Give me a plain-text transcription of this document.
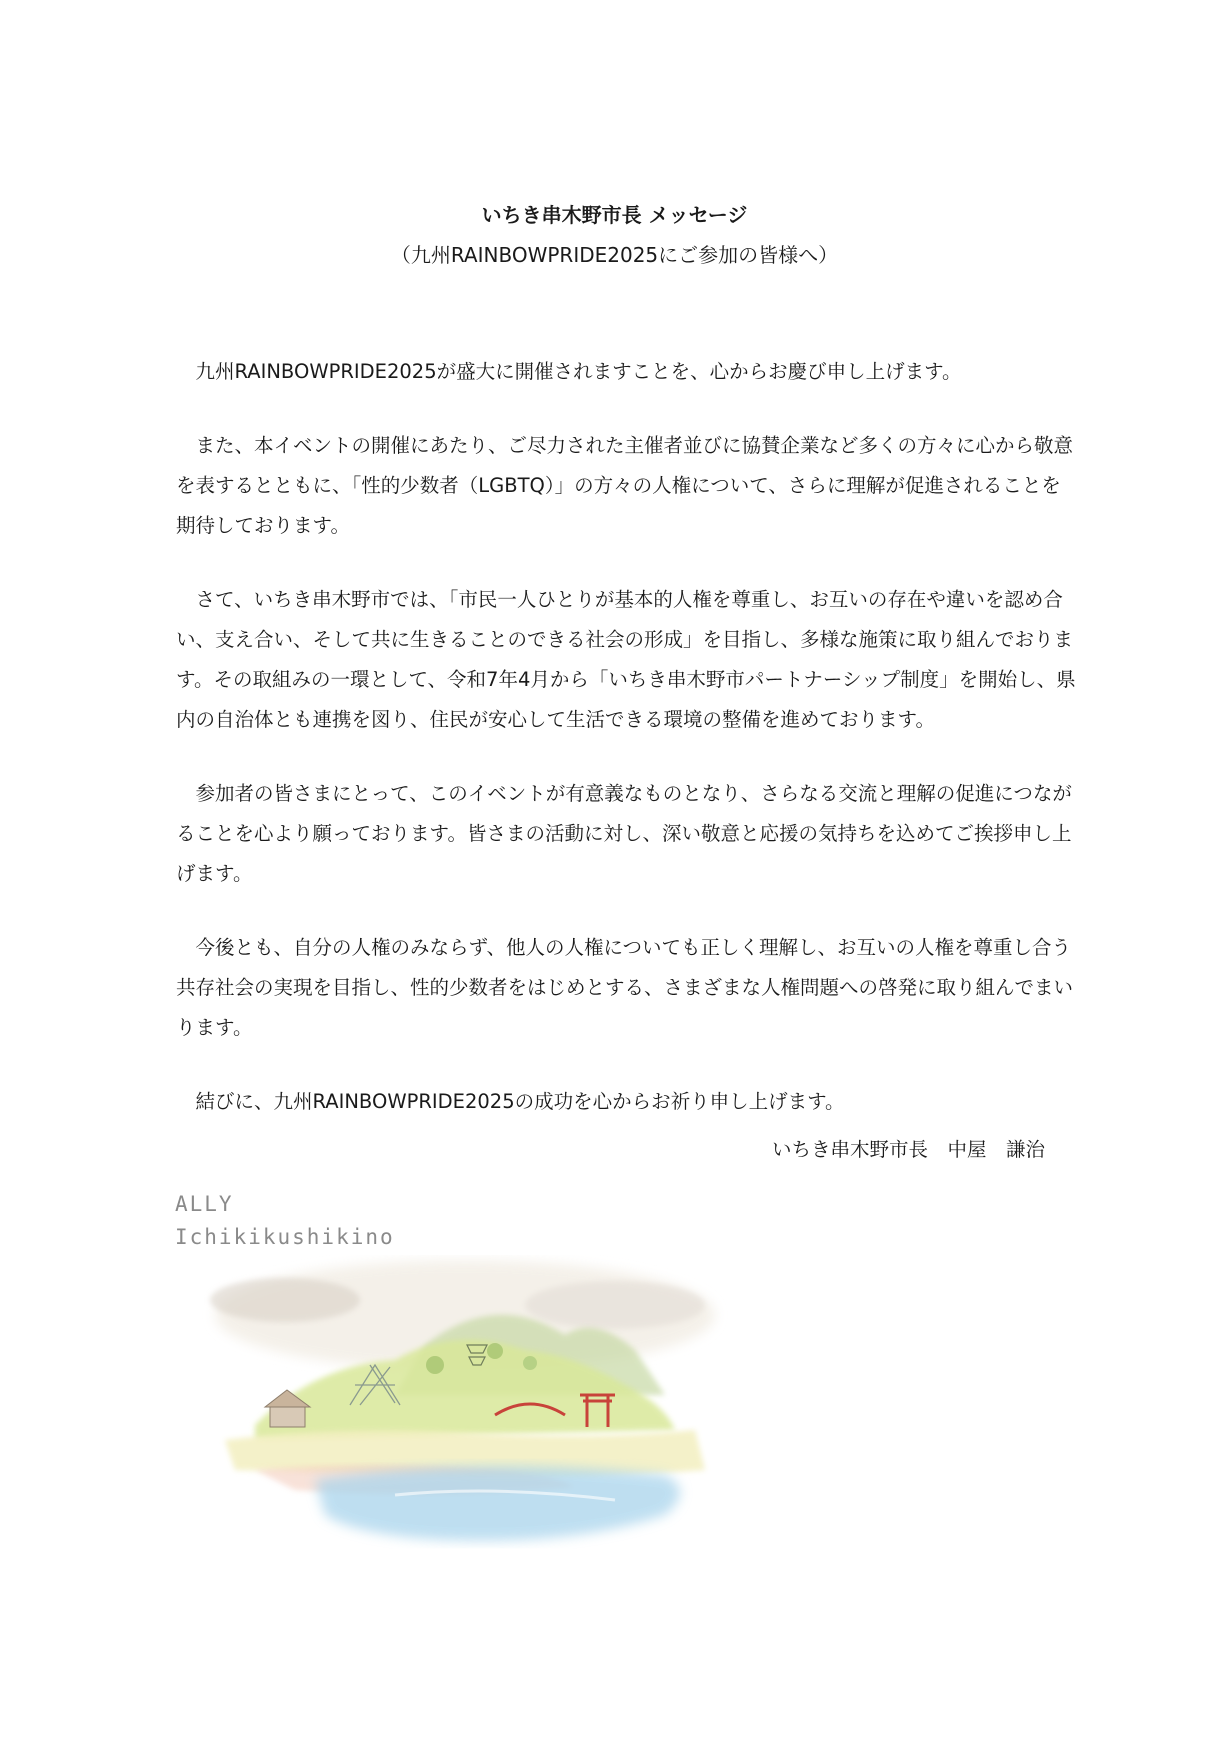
いちき串木野市長 メッセージ
（九州RAINBOWPRIDE2025にご参加の皆様へ）

九州RAINBOWPRIDE2025が盛大に開催されますことを、心からお慶び申し上げます。

また、本イベントの開催にあたり、ご尽力された主催者並びに協賛企業など多くの方々に心から敬意を表するとともに、「性的少数者（LGBTQ）」の方々の人権について、さらに理解が促進されることを期待しております。

さて、いちき串木野市では、「市民一人ひとりが基本的人権を尊重し、お互いの存在や違いを認め合い、支え合い、そして共に生きることのできる社会の形成」を目指し、多様な施策に取り組んでおります。その取組みの一環として、令和7年4月から「いちき串木野市パートナーシップ制度」を開始し、県内の自治体とも連携を図り、住民が安心して生活できる環境の整備を進めております。

参加者の皆さまにとって、このイベントが有意義なものとなり、さらなる交流と理解の促進につながることを心より願っております。皆さまの活動に対し、深い敬意と応援の気持ちを込めてご挨拶申し上げます。

今後とも、自分の人権のみならず、他人の人権についても正しく理解し、お互いの人権を尊重し合う共存社会の実現を目指し、性的少数者をはじめとする、さまざまな人権問題への啓発に取り組んでまいります。

結びに、九州RAINBOWPRIDE2025の成功を心からお祈り申し上げます。

いちき串木野市長　中屋　謙治
ALLY
Ichikikushikino
